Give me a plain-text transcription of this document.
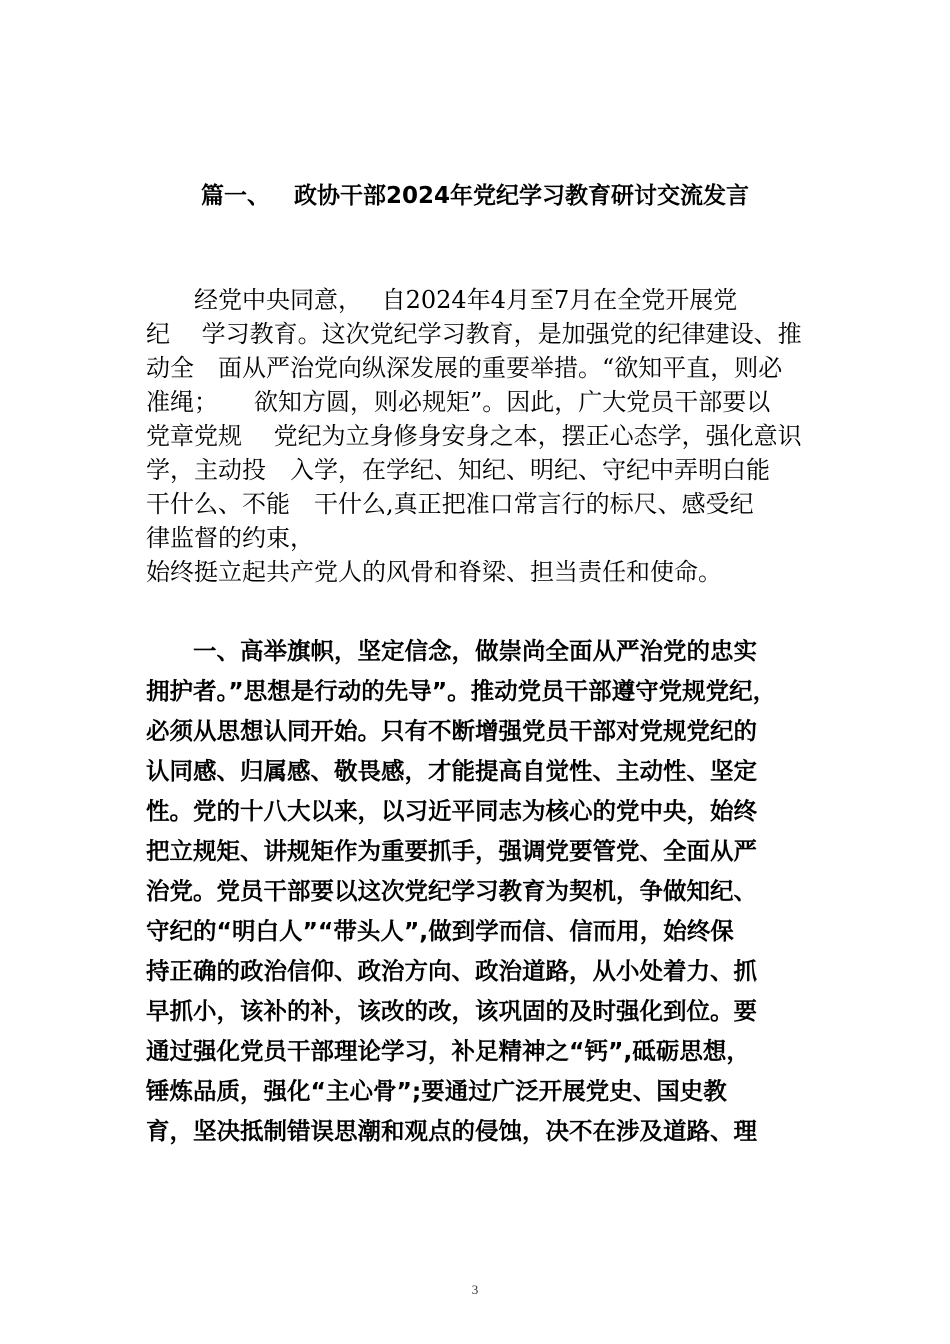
篇一、 政协干部2024年党纪学习教育研讨交流发言
　　经党中央同意，　 自2024年4月至7月在全党开展党
纪　 学习教育。这次党纪学习教育，是加强党的纪律建设、推
动全　面从严治党向纵深发展的重要举措。“欲知平直，则必
准绳；　　欲知方圆，则必规矩”。因此，广大党员干部要以
党章党规　 党纪为立身修身安身之本，摆正心态学，强化意识
学，主动投　入学，在学纪、知纪、明纪、守纪中弄明白能
干什么、不能　干什么,真正把准口常言行的标尺、感受纪
律监督的约束，
始终挺立起共产党人的风骨和脊梁、担当责任和使命。
　　一、高举旗帜，坚定信念，做崇尚全面从严治党的忠实
拥护者。”思想是行动的先导”。推动党员干部遵守党规党纪，
必须从思想认同开始。只有不断增强党员干部对党规党纪的
认同感、归属感、敬畏感，才能提高自觉性、主动性、坚定
性。党的十八大以来，以习近平同志为核心的党中央，始终
把立规矩、讲规矩作为重要抓手，强调党要管党、全面从严
治党。党员干部要以这次党纪学习教育为契机，争做知纪、
守纪的“明白人”“带头人”,做到学而信、信而用，始终保
持正确的政治信仰、政治方向、政治道路，从小处着力、抓
早抓小，该补的补，该改的改，该巩固的及时强化到位。要
通过强化党员干部理论学习，补足精神之“钙”,砥砺思想，
锤炼品质，强化“主心骨”;要通过广泛开展党史、国史教
育，坚决抵制错误思潮和观点的侵蚀，决不在涉及道路、理
3
